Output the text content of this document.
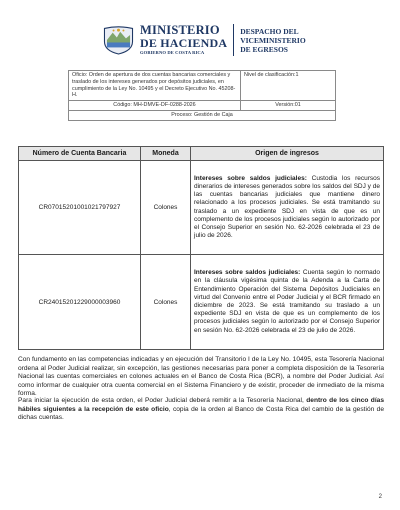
MINISTERIO
DE HACIENDA
GOBIERNO DE COSTA RICA
DESPACHO DEL
VICEMINISTERIO
DE EGRESOS
Oficio: Orden de apertura de dos cuentas bancarias comerciales y traslado de los intereses generados por depósitos judiciales, en cumplimiento de la Ley No. 10495 y el Decreto Ejecutivo No. 45208-H.	Nivel de clasificación:1
Código: MH-DMVE-DF-0288-2026	Versión:01
Proceso: Gestión de Caja	
Número de Cuenta Bancaria	Moneda	Origen de ingresos
CR07015201001021797927	Colones	Intereses sobre saldos judiciales: Custodia los recursos dinerarios de intereses generados sobre los saldos del SDJ y de las cuentas bancarias judiciales que mantiene dinero relacionado a los procesos judiciales. Se está tramitando su traslado a un expediente SDJ en vista de que es un complemento de los procesos judiciales según lo autorizado por el Consejo Superior en sesión No. 62-2026 celebrada el 23 de julio de 2026.
CR24015201229000003960	Colones	Intereses sobre saldos judiciales: Cuenta según lo normado en la cláusula vigésima quinta de la Adenda a la Carta de Entendimiento Operación del Sistema Depósitos Judiciales en virtud del Convenio entre el Poder Judicial y el BCR firmado en diciembre de 2023. Se está tramitando su traslado a un expediente SDJ en vista de que es un complemento de los procesos judiciales según lo autorizado por el Consejo Superior en sesión No. 62-2026 celebrada el 23 de julio de 2026.

Con fundamento en las competencias indicadas y en ejecución del Transitorio I de la Ley No. 10495, esta Tesorería Nacional ordena al Poder Judicial realizar, sin excepción, las gestiones necesarias para poner a completa disposición de la Tesorería Nacional las cuentas comerciales en colones actuales en el Banco de Costa Rica (BCR), a nombre del Poder Judicial. Así como informar de cualquier otra cuenta comercial en el Sistema Financiero y de existir, proceder de inmediato de la misma forma.

Para iniciar la ejecución de esta orden, el Poder Judicial deberá remitir a la Tesorería Nacional, dentro de los cinco días hábiles siguientes a la recepción de este oficio, copia de la orden al Banco de Costa Rica del cambio de la gestión de dichas cuentas.

2
